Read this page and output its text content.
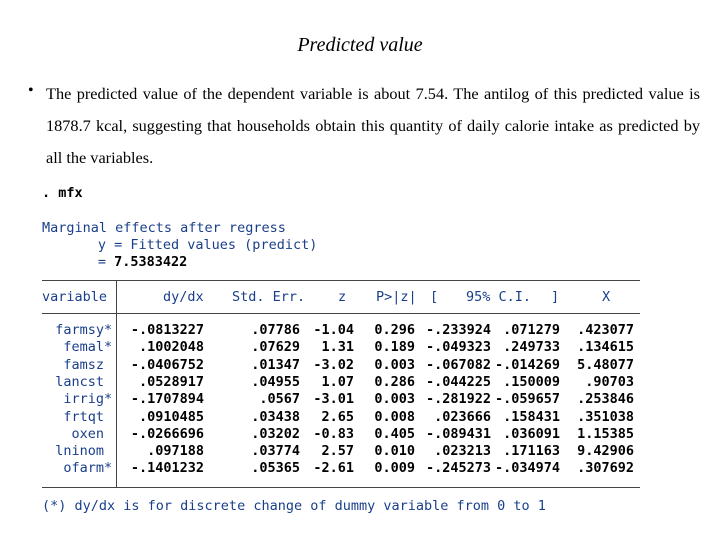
Predicted value
• The predicted value of the dependent variable is about 7.54. The antilog of this predicted value is 1878.7 kcal, suggesting that households obtain this quantity of daily calorie intake as predicted by all the variables.
. mfx
Marginal effects after regress
y = Fitted values (predict)
= 7.5383422
variable	dy/dx Std. Err. z P>|z| [ 95% C.I. ]	X
farmsy* -.0813227	.07786 -1.04 0.296 -.233924 .071279 .423077
femal* .1002048	.07629 1.31 0.189 -.049323 .249733 .134615
famsz	-.0406752	.01347 -3.02 0.003 -.067082 -.014269 5.48077
lancst	.0528917	.04955 1.07 0.286 -.044225 .150009 .90703
irrig* -.1707894	.0567 -3.01 0.003 -.281922 -.059657 .253846
frtqt	.0910485	.03438 2.65 0.008 .023666 .158431 .351038
oxen	-.0266696	.03202 -0.83 0.405 -.089431 .036091 1.15385
lninom	.097188	.03774 2.57 0.010 .023213 .171163 9.42906
ofarm* -.1401232	.05365 -2.61 0.009 -.245273 -.034974 .307692
(*) dy/dx is for discrete change of dummy variable from 0 to 1
